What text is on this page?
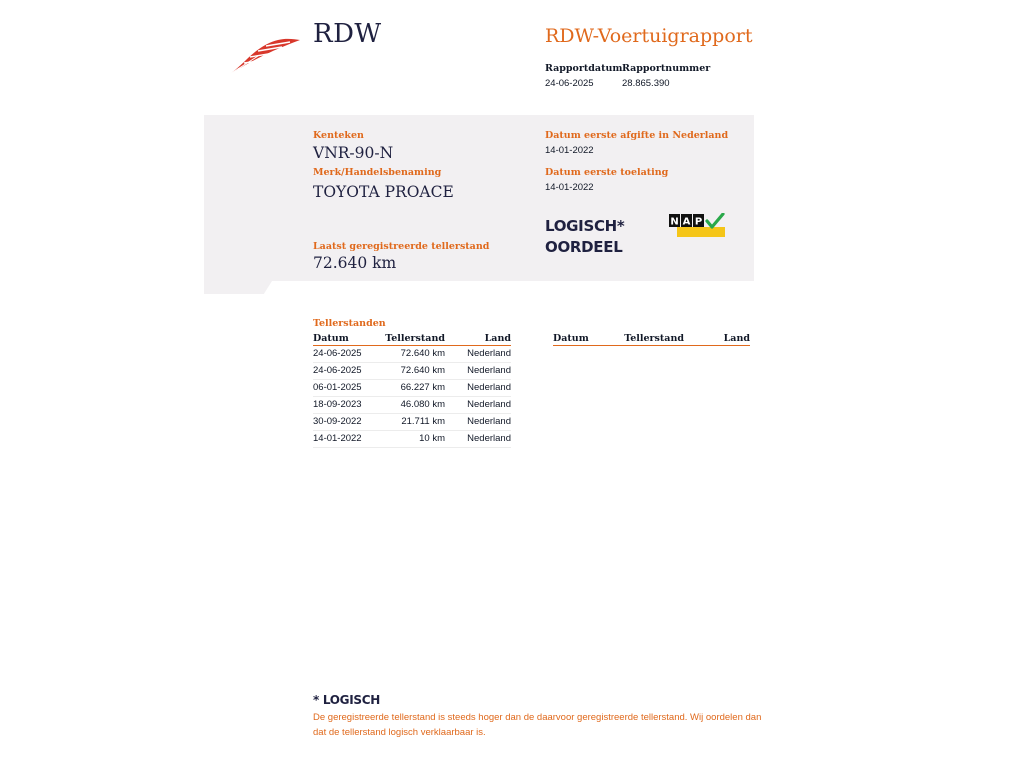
RDW	RDW-Voertuigrapport
Rapportdatum
24-06-2025
Rapportnummer
28.865.390
Kenteken
VNR-90-N
Merk/Handelsbenaming
TOYOTA PROACE
Laatst geregistreerde tellerstand
72.640 km
Datum eerste afgifte in Nederland
14-01-2022
Datum eerste toelating
14-01-2022
LOGISCH*
OORDEEL
N A P
Tellerstanden
Datum	Tellerstand	Land
24-06-2025	72.640 km	Nederland
24-06-2025	72.640 km	Nederland
06-01-2025	66.227 km	Nederland
18-09-2023	46.080 km	Nederland
30-09-2022	21.711 km	Nederland
14-01-2022	10 km	Nederland
Datum	Tellerstand	Land
* LOGISCH
De geregistreerde tellerstand is steeds hoger dan de daarvoor geregistreerde tellerstand. Wij oordelen dan dat de tellerstand logisch verklaarbaar is.
